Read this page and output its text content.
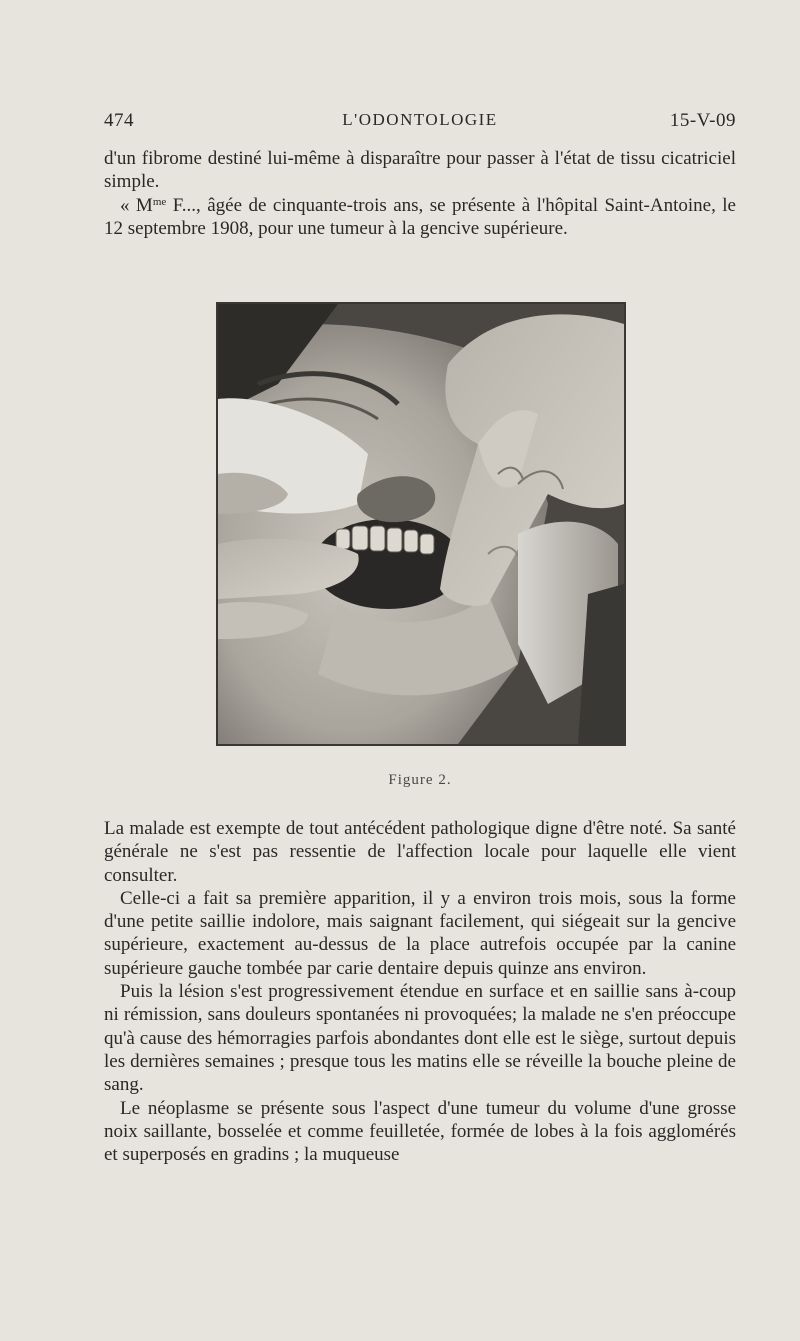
474	L'ODONTOLOGIE	15-V-09

d'un fibrome destiné lui-même à disparaître pour passer à l'état de tissu cicatriciel simple.

« $M^{me}$ F..., âgée de cinquante-trois ans, se présente à l'hôpital Saint-Antoine, le 12 septembre 1908, pour une tumeur à la gencive supérieure.

Figure 2.

La malade est exempte de tout antécédent pathologique digne d'être noté. Sa santé générale ne s'est pas ressentie de l'affection locale pour laquelle elle vient consulter.

Celle-ci a fait sa première apparition, il y a environ trois mois, sous la forme d'une petite saillie indolore, mais saignant facilement, qui siégeait sur la gencive supérieure, exactement au-dessus de la place autrefois occupée par la canine supérieure gauche tombée par carie dentaire depuis quinze ans environ.

Puis la lésion s'est progressivement étendue en surface et en saillie sans à-coup ni rémission, sans douleurs spontanées ni provoquées; la malade ne s'en préoccupe qu'à cause des hémorragies parfois abondantes dont elle est le siège, surtout depuis les dernières semaines ; presque tous les matins elle se réveille la bouche pleine de sang.

Le néoplasme se présente sous l'aspect d'une tumeur du volume d'une grosse noix saillante, bosselée et comme feuilletée, formée de lobes à la fois agglomérés et superposés en gradins ; la muqueuse
